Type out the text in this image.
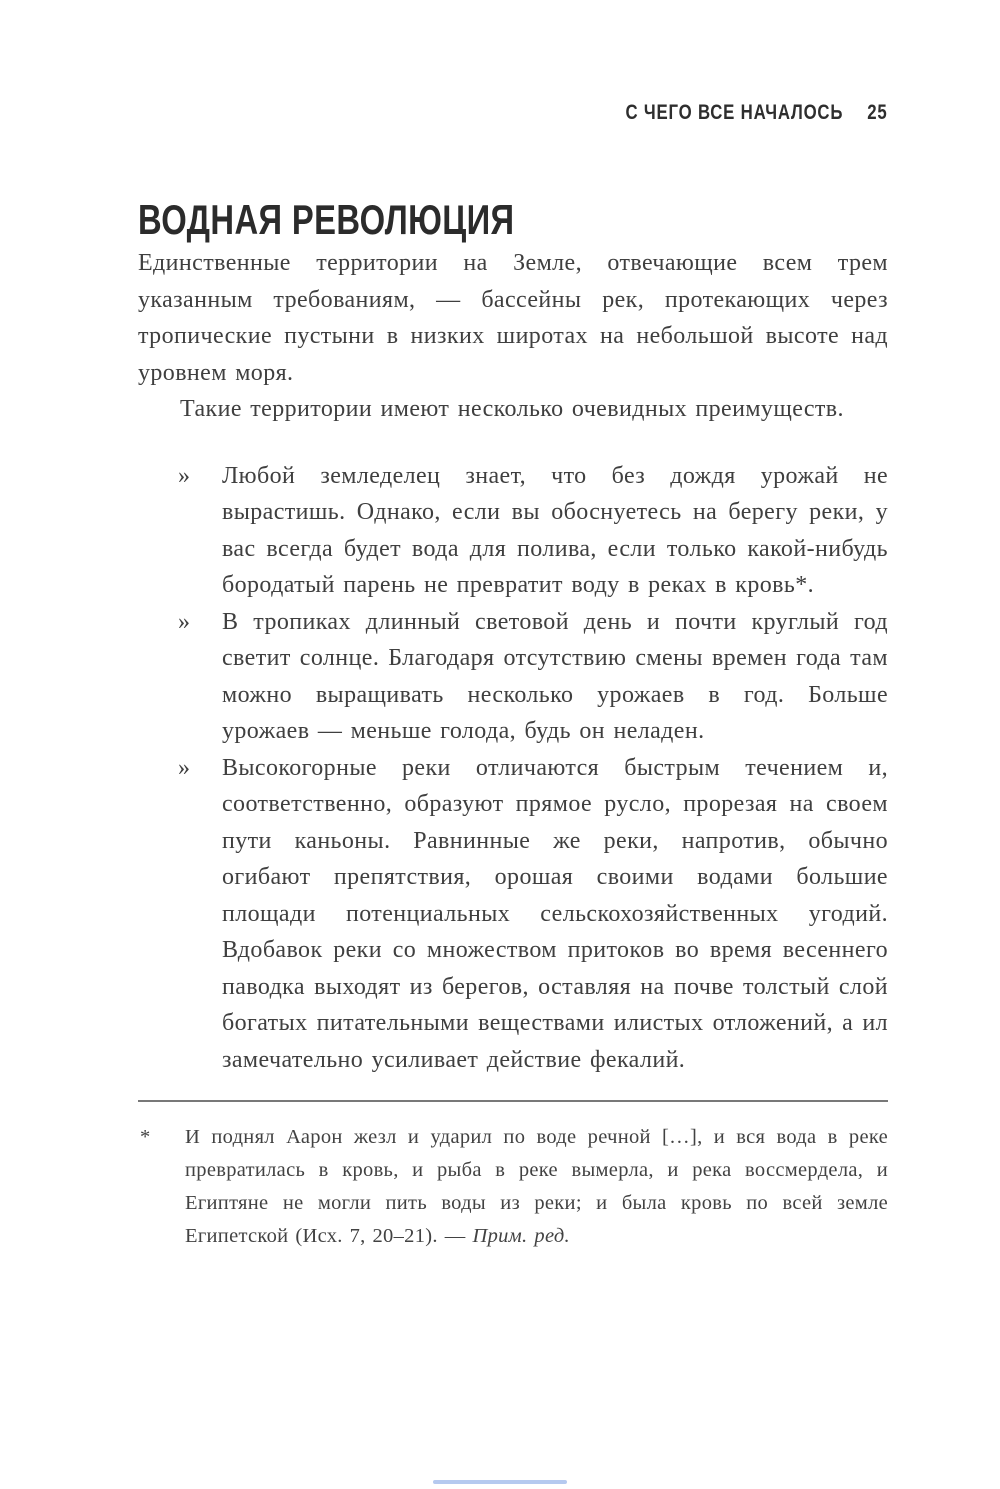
С ЧЕГО ВСЕ НАЧАЛОСЬ 25
ВОДНАЯ РЕВОЛЮЦИЯ

Единственные территории на Земле, отвечающие всем трем указанным требованиям, — бассейны рек, протекающих через тропические пустыни в низких широтах на небольшой высоте над уровнем моря.

Такие территории имеют несколько очевидных преимуществ.

» Любой земледелец знает, что без дождя урожай не вырастишь. Однако, если вы обоснуетесь на берегу реки, у вас всегда будет вода для полива, если только какой-нибудь бородатый парень не превратит воду в реках в кровь*.
» В тропиках длинный световой день и почти круглый год светит солнце. Благодаря отсутствию смены времен года там можно выращивать несколько урожаев в год. Больше урожаев — меньше голода, будь он неладен.
» Высокогорные реки отличаются быстрым течением и, соответственно, образуют прямое русло, прорезая на своем пути каньоны. Равнинные же реки, напротив, обычно огибают препятствия, орошая своими водами большие площади потенциальных сельскохозяйственных угодий. Вдобавок реки со множеством притоков во время весеннего паводка выходят из берегов, оставляя на почве толстый слой богатых питательными веществами илистых отложений, а ил замечательно усиливает действие фекалий.
* И поднял Аарон жезл и ударил по воде речной […], и вся вода в реке превратилась в кровь, и рыба в реке вымерла, и река воссмердела, и Египтяне не могли пить воды из реки; и была кровь по всей земле Египетской (Исх. 7, 20–21). — Прим. ред.
